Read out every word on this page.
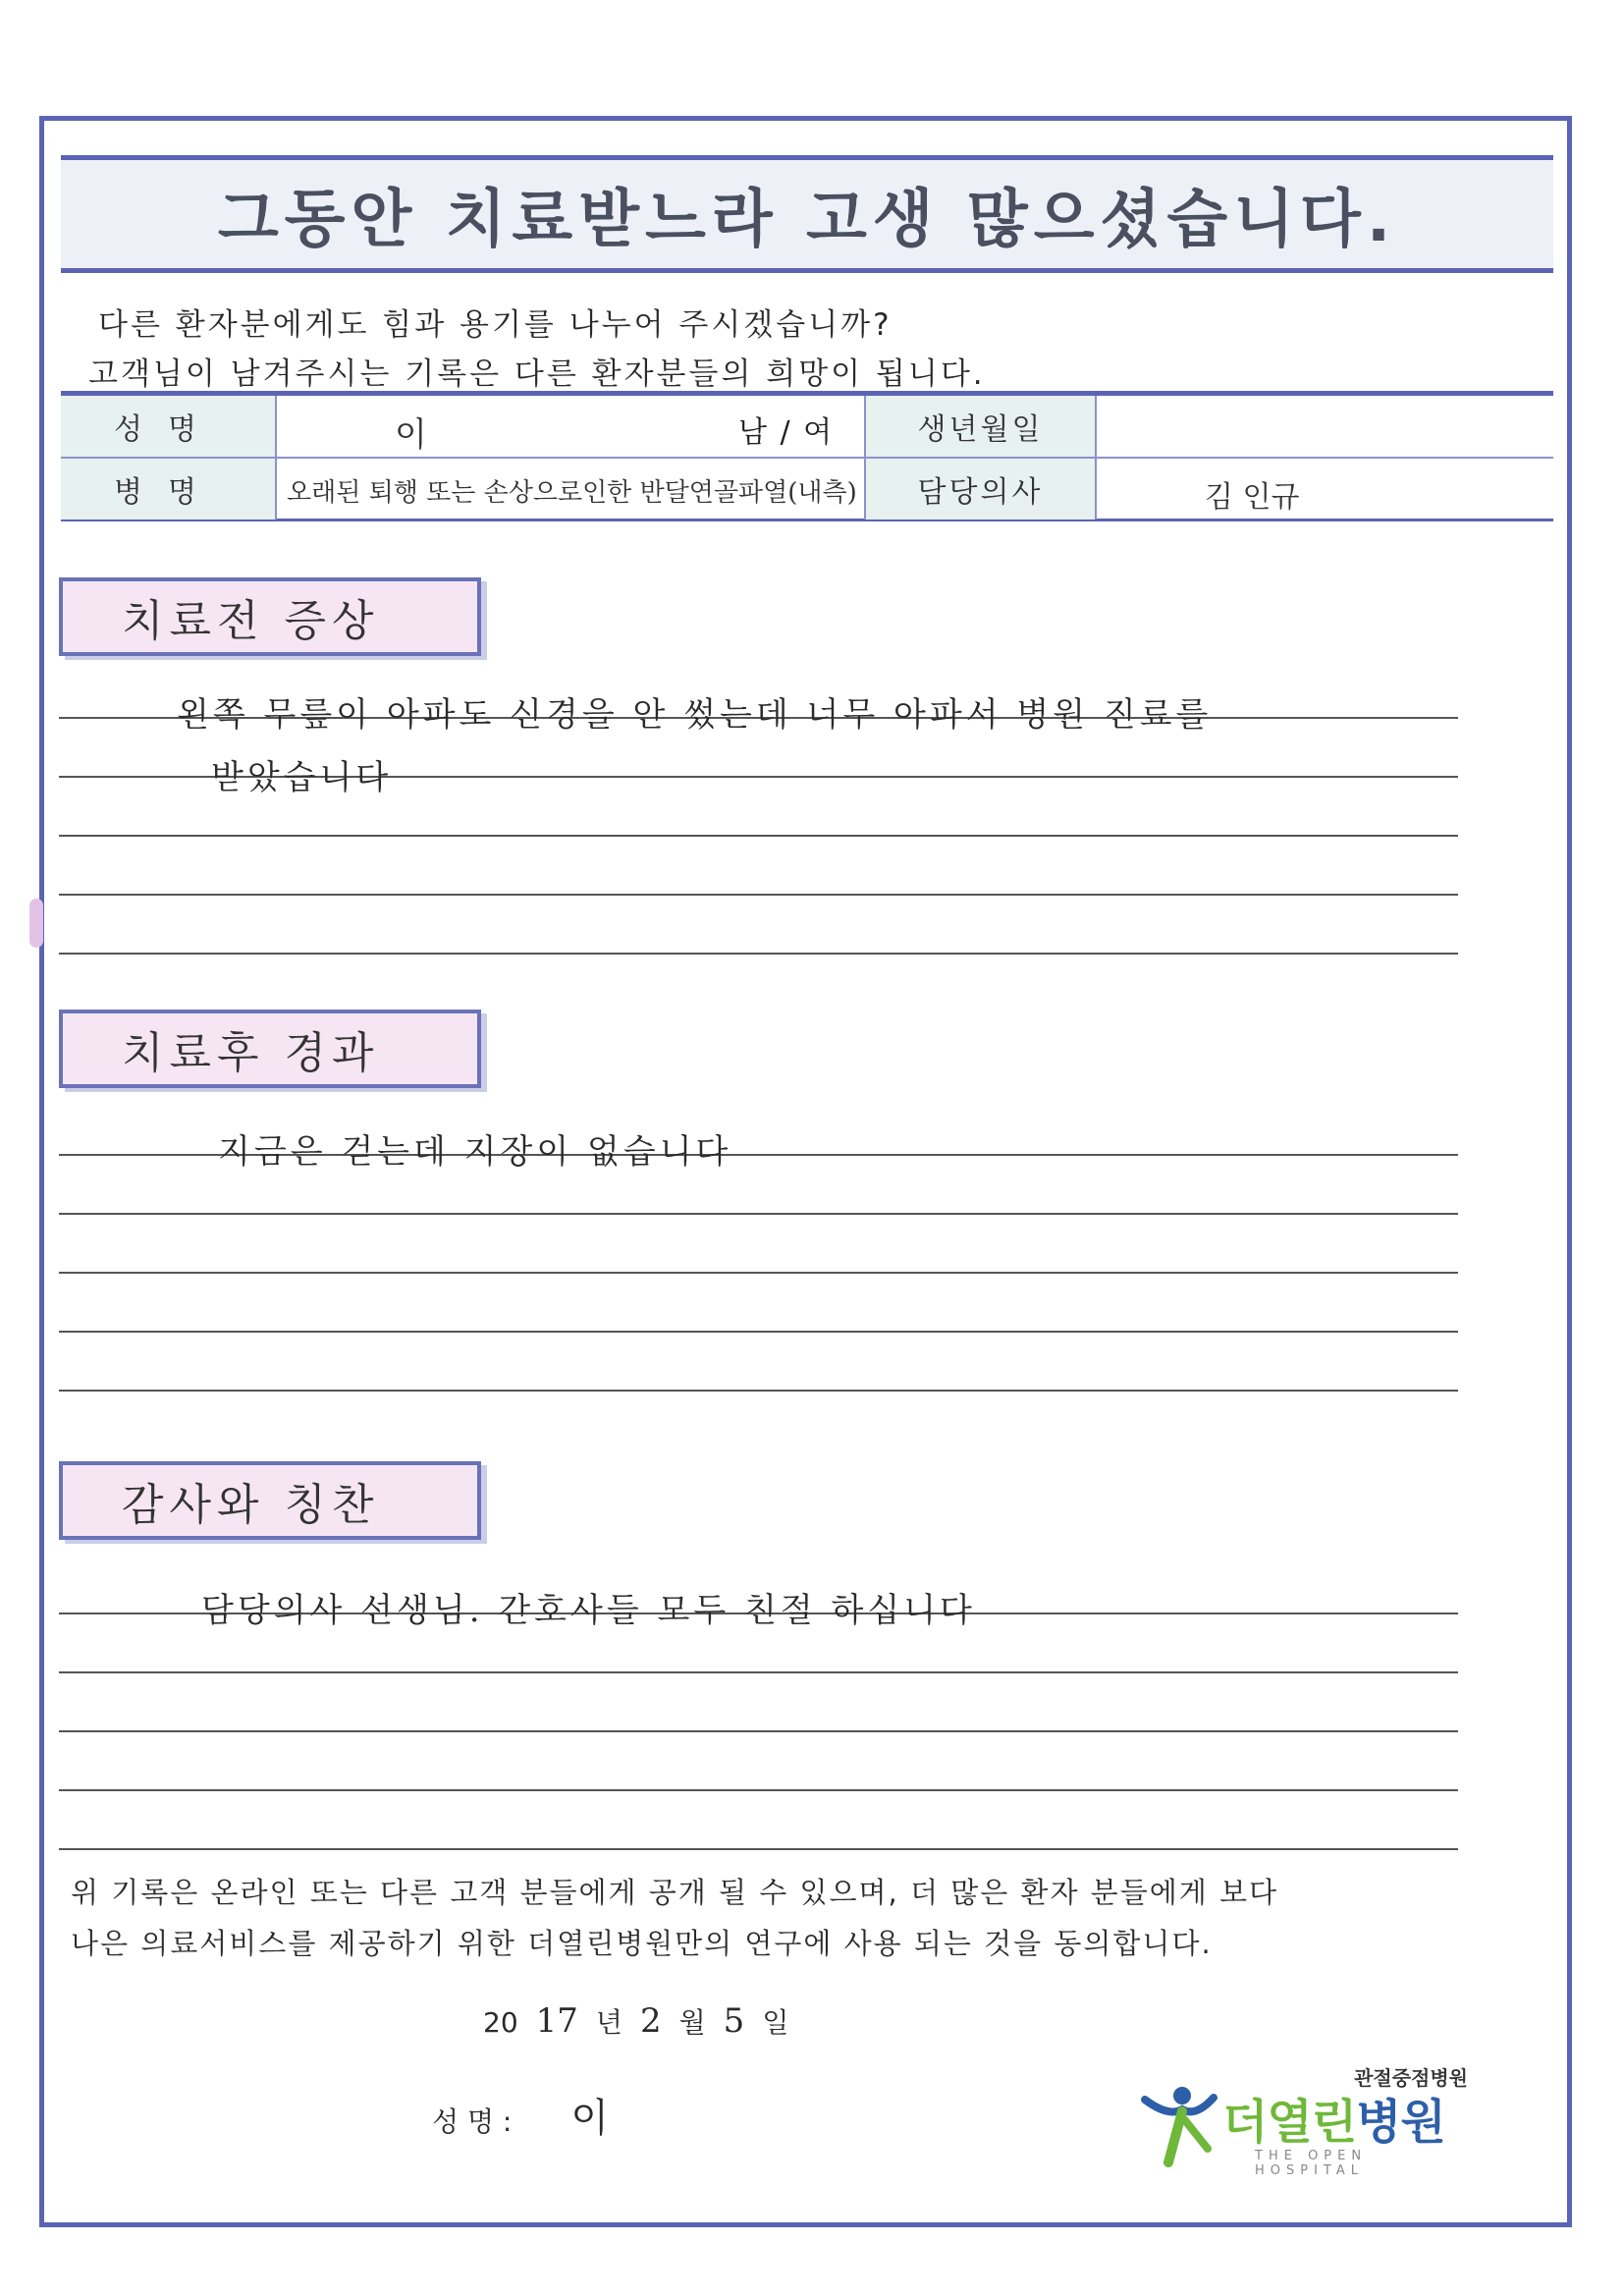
그동안 치료받느라 고생 많으셨습니다.
다른 환자분에게도 힘과 용기를 나누어 주시겠습니까?
고객님이 남겨주시는 기록은 다른 환자분들의 희망이 됩니다.
성명	이	남 / 여	생년월일
병명	오래된 퇴행 또는 손상으로인한 반달연골파열(내측)	담당의사	김 인규
치료전 증상
왼쪽 무릎이 아파도 신경을 안 썼는데 너무 아파서 병원 진료를
받았습니다
치료후 경과
지금은 걷는데 지장이 없습니다
감사와 칭찬
담당의사 선생님. 간호사들 모두 친절 하십니다
위 기록은 온라인 또는 다른 고객 분들에게 공개 될 수 있으며, 더 많은 환자 분들에게 보다
나은 의료서비스를 제공하기 위한 더열린병원만의 연구에 사용 되는 것을 동의합니다.
20 17 년 2 월 5 일
성 명 : 이
관절중점병원
더열린병원
THE OPEN HOSPITAL
